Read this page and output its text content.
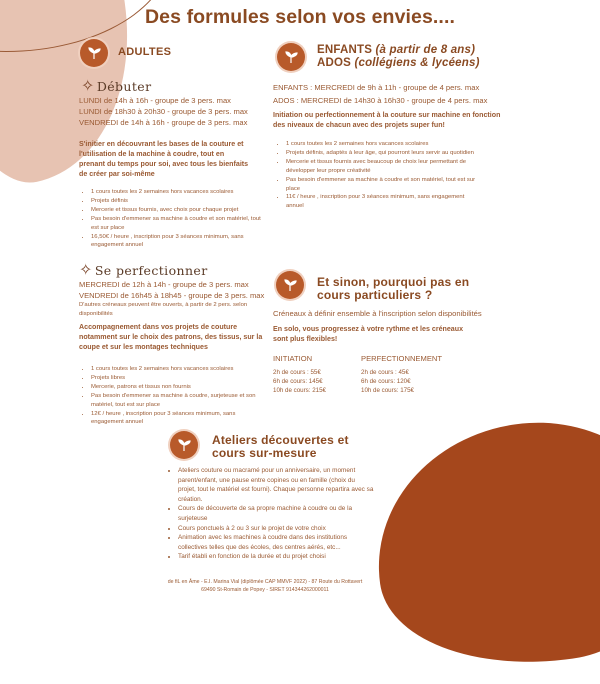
Des formules selon vos envies....
ADULTES
✧ Débuter
LUNDI de 14h à 16h - groupe de 3 pers. max
LUNDI de 18h30 à 20h30 - groupe de 3 pers. max
VENDREDI de 14h à 16h - groupe de 3 pers. max
S'initier en découvrant les bases de la couture et
l'utilisation de la machine à coudre, tout en
prenant du temps pour soi, avec tous les bienfaits
de créer par soi-même
• 1 cours toutes les 2 semaines hors vacances scolaires
• Projets définis
• Mercerie et tissus fournis, avec choix pour chaque projet
• Pas besoin d'emmener sa machine à coudre et son matériel, tout est sur place
• 16,50€ / heure , inscription pour 3 séances minimum, sans engagement annuel
✧ Se perfectionner
MERCREDI de 12h à 14h - groupe de 3 pers. max
VENDREDI de 16h45 à 18h45 - groupe de 3 pers. max
D'autres créneaux peuvent être ouverts, à partir de 2 pers. selon
disponibilités
Accompagnement dans vos projets de couture
notamment sur le choix des patrons, des tissus, sur la
coupe et sur les montages techniques
• 1 cours toutes les 2 semaines hors vacances scolaires
• Projets libres
• Mercerie, patrons et tissus non fournis
• Pas besoin d'emmener sa machine à coudre, surjeteuse et son matériel, tout est sur place
• 12€ / heure , inscription pour 3 séances minimum, sans engagement annuel
ENFANTS (à partir de 8 ans)
ADOS (collégiens & lycéens)
ENFANTS : MERCREDI de 9h à 11h - groupe de 4 pers. max
ADOS : MERCREDI de 14h30 à 16h30 - groupe de 4 pers. max
Initiation ou perfectionnement à la couture sur machine en fonction
des niveaux de chacun avec des projets super fun!
• 1 cours toutes les 2 semaines hors vacances scolaires
• Projets définis, adaptés à leur âge, qui pourront leurs servir au quotidien
• Mercerie et tissus fournis avec beaucoup de choix leur permettant de développer leur propre créativité
• Pas besoin d'emmener sa machine à coudre et son matériel, tout est sur place
• 11€ / heure , inscription pour 3 séances minimum, sans engagement annuel
Et sinon, pourquoi pas en
cours particuliers ?
Créneaux à définir ensemble à l'inscription selon disponibilités
En solo, vous progressez à votre rythme et les créneaux
sont plus flexibles!
INITIATION
2h de cours : 55€
6h de cours: 145€
10h de cours: 215€
PERFECTIONNEMENT
2h de cours : 45€
6h de cours: 120€
10h de cours: 175€
Ateliers découvertes et
cours sur-mesure
• Ateliers couture ou macramé pour un anniversaire, un moment parent/enfant, une pause entre copines ou en famille (choix du projet, tout le matériel est fourni). Chaque personne repartira avec sa création.
• Cours de découverte de sa propre machine à coudre ou de la surjeteuse
• Cours ponctuels à 2 ou 3 sur le projet de votre choix
• Animation avec les machines à coudre dans des institutions collectives telles que des écoles, des centres aérés, etc...
• Tarif établi en fonction de la durée et du projet choisi
de fiL en Âme - E.I. Marina Vial (diplômée CAP MMVF 2022) - 87 Route du Rottavert
69490 St-Romain de Popey - SIRET 914344262000011
